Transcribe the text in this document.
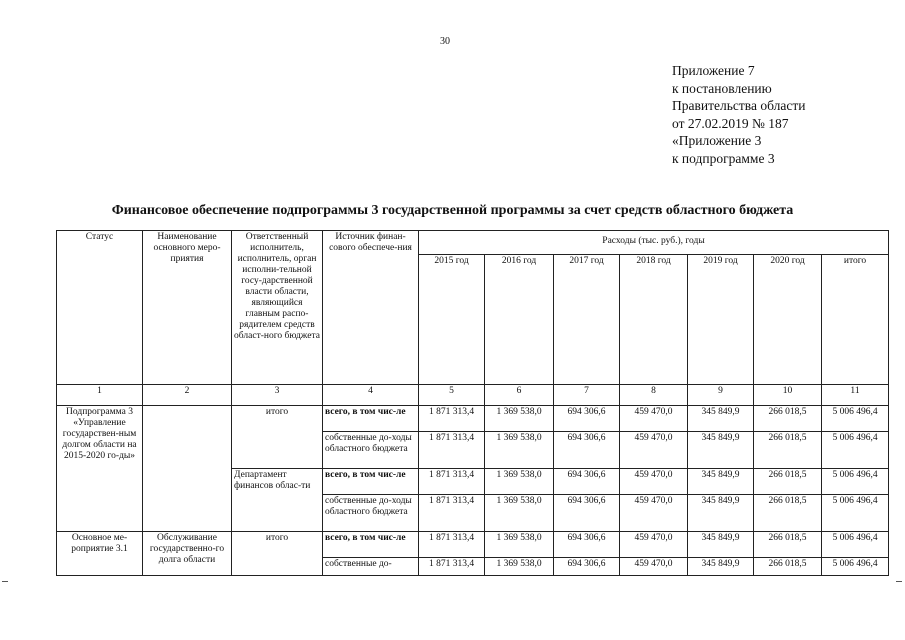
30
Приложение 7
к постановлению
Правительства области
от 27.02.2019 № 187
«Приложение 3
к подпрограмме 3
Финансовое обеспечение подпрограммы 3 государственной программы за счет средств областного бюджета
Статус	Наименование основного меро-приятия	Ответственный исполнитель, исполнитель, орган исполни-тельной госу-дарственной власти области, являющийся главным распо-рядителем средств област-ного бюджета	Источник финан-сового обеспече-ния	Расходы (тыс. руб.), годы						
				2015 год	2016 год	2017 год	2018 год	2019 год	2020 год	итого
1	2	3	4	5	6	7	8	9	10	11
Подпрограмма 3 «Управление государствен-ным долгом области на 2015-2020 го-ды»		итого	всего, в том чис-ле	1 871 313,4	1 369 538,0	694 306,6	459 470,0	345 849,9	266 018,5	5 006 496,4
			собственные до-ходы областного бюджета	1 871 313,4	1 369 538,0	694 306,6	459 470,0	345 849,9	266 018,5	5 006 496,4
		Департамент финансов облас-ти	всего, в том чис-ле	1 871 313,4	1 369 538,0	694 306,6	459 470,0	345 849,9	266 018,5	5 006 496,4
			собственные до-ходы областного бюджета	1 871 313,4	1 369 538,0	694 306,6	459 470,0	345 849,9	266 018,5	5 006 496,4
Основное ме-роприятие 3.1	Обслуживание государственно-го долга области	итого	всего, в том чис-ле	1 871 313,4	1 369 538,0	694 306,6	459 470,0	345 849,9	266 018,5	5 006 496,4
			собственные до-	1 871 313,4	1 369 538,0	694 306,6	459 470,0	345 849,9	266 018,5	5 006 496,4
